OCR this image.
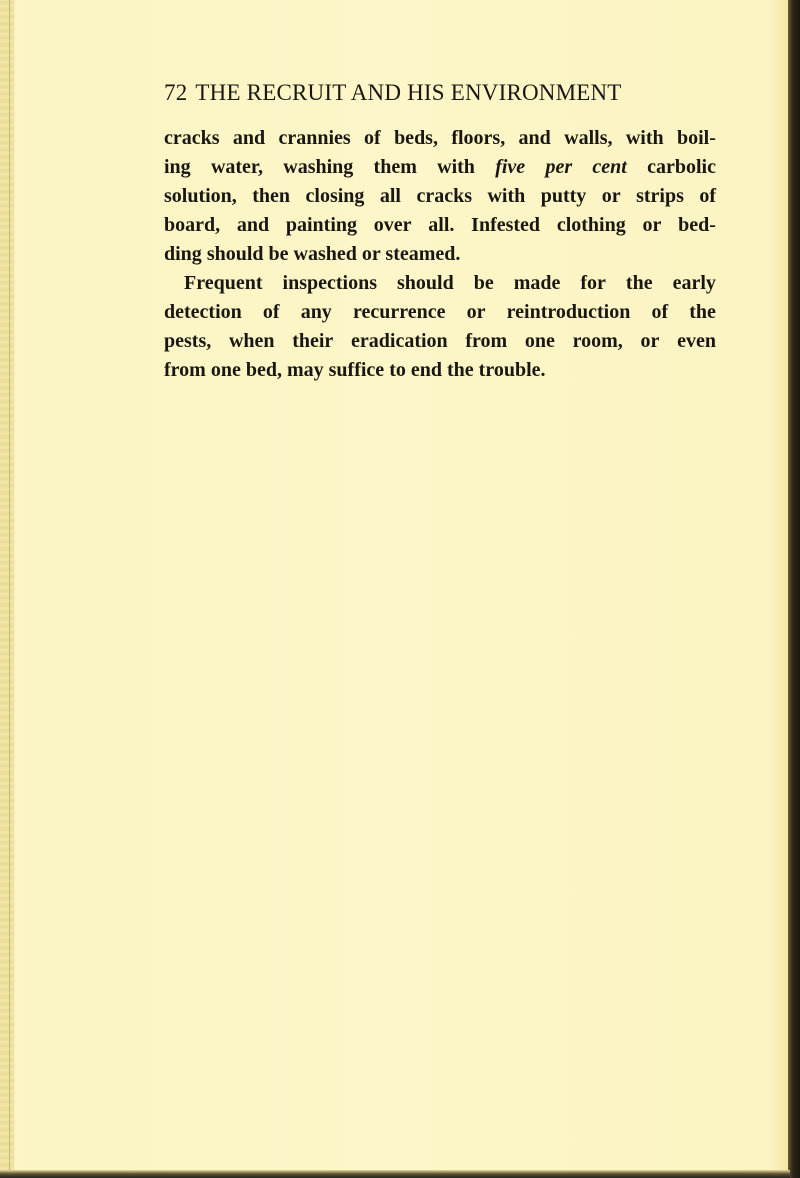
72 THE RECRUIT AND HIS ENVIRONMENT
cracks and crannies of beds, floors, and walls, with boil-
ing water, washing them with five per cent carbolic
solution, then closing all cracks with putty or strips of
board, and painting over all. Infested clothing or bed-
ding should be washed or steamed.
Frequent inspections should be made for the early
detection of any recurrence or reintroduction of the
pests, when their eradication from one room, or even
from one bed, may suffice to end the trouble.
